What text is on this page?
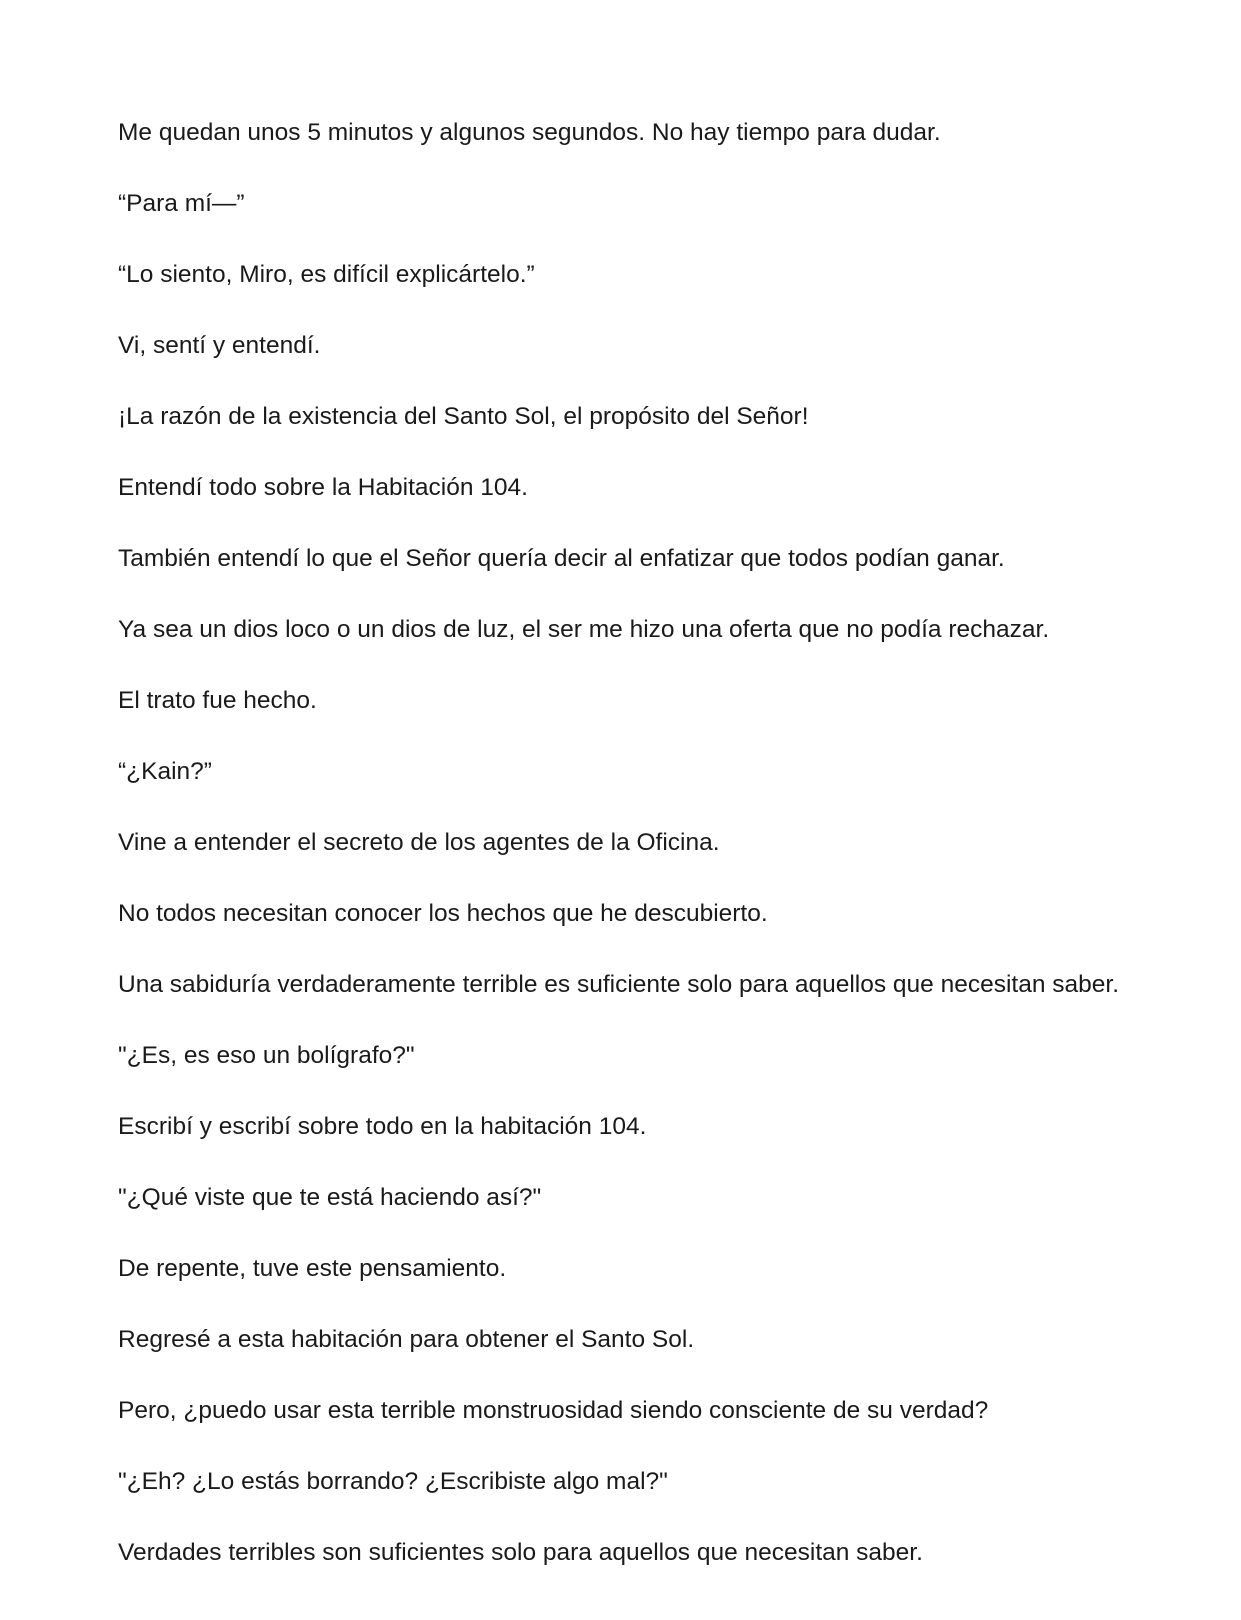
Me quedan unos 5 minutos y algunos segundos. No hay tiempo para dudar.

“Para mí—”

“Lo siento, Miro, es difícil explicártelo.”

Vi, sentí y entendí.

¡La razón de la existencia del Santo Sol, el propósito del Señor!

Entendí todo sobre la Habitación 104.

También entendí lo que el Señor quería decir al enfatizar que todos podían ganar.

Ya sea un dios loco o un dios de luz, el ser me hizo una oferta que no podía rechazar.

El trato fue hecho.

“¿Kain?”

Vine a entender el secreto de los agentes de la Oficina.

No todos necesitan conocer los hechos que he descubierto.

Una sabiduría verdaderamente terrible es suficiente solo para aquellos que necesitan saber.

"¿Es, es eso un bolígrafo?"

Escribí y escribí sobre todo en la habitación 104.

"¿Qué viste que te está haciendo así?"

De repente, tuve este pensamiento.

Regresé a esta habitación para obtener el Santo Sol.

Pero, ¿puedo usar esta terrible monstruosidad siendo consciente de su verdad?

"¿Eh? ¿Lo estás borrando? ¿Escribiste algo mal?"

Verdades terribles son suficientes solo para aquellos que necesitan saber.
